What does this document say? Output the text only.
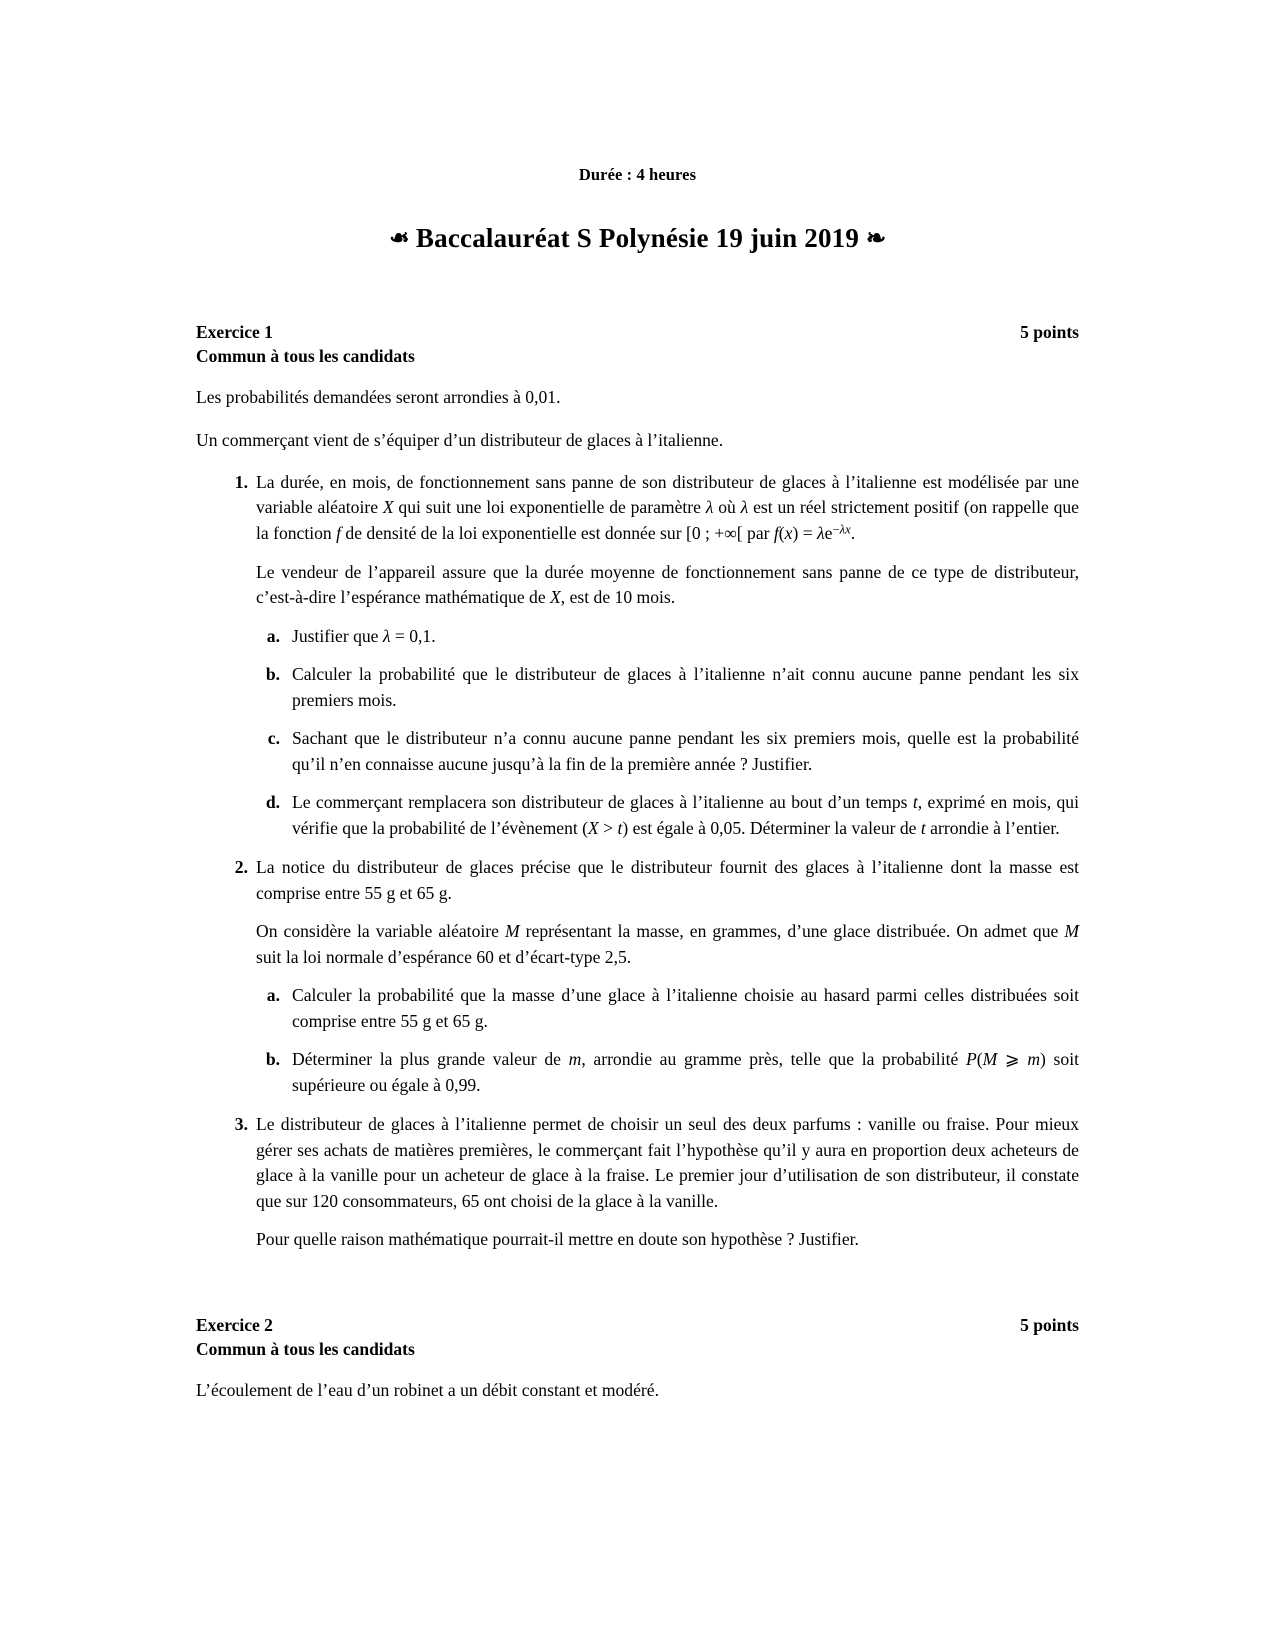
Durée : 4 heures
❧ Baccalauréat S Polynésie 19 juin 2019 ❧
Exercice 1	5 points
Commun à tous les candidats

Les probabilités demandées seront arrondies à 0,01.

Un commerçant vient de s’équiper d’un distributeur de glaces à l’italienne.

1. La durée, en mois, de fonctionnement sans panne de son distributeur de glaces à l’italienne est modélisée par une variable aléatoire X qui suit une loi exponentielle de paramètre λ où λ est un réel strictement positif (on rappelle que la fonction f de densité de la loi exponentielle est donnée sur [0 ; +∞[ par $f(x) = \lambda e^{-\lambda x}$.
Le vendeur de l’appareil assure que la durée moyenne de fonctionnement sans panne de ce type de distributeur, c’est-à-dire l’espérance mathématique de X, est de 10 mois.
a. Justifier que λ = 0,1.
b. Calculer la probabilité que le distributeur de glaces à l’italienne n’ait connu aucune panne pendant les six premiers mois.
c. Sachant que le distributeur n’a connu aucune panne pendant les six premiers mois, quelle est la probabilité qu’il n’en connaisse aucune jusqu’à la fin de la première année ? Justifier.
d. Le commerçant remplacera son distributeur de glaces à l’italienne au bout d’un temps t, exprimé en mois, qui vérifie que la probabilité de l’évènement (X > t) est égale à 0,05. Déterminer la valeur de t arrondie à l’entier.
2. La notice du distributeur de glaces précise que le distributeur fournit des glaces à l’italienne dont la masse est comprise entre 55 g et 65 g.
On considère la variable aléatoire M représentant la masse, en grammes, d’une glace distribuée. On admet que M suit la loi normale d’espérance 60 et d’écart-type 2,5.
a. Calculer la probabilité que la masse d’une glace à l’italienne choisie au hasard parmi celles distribuées soit comprise entre 55 g et 65 g.
b. Déterminer la plus grande valeur de m, arrondie au gramme près, telle que la probabilité P(M ⩾ m) soit supérieure ou égale à 0,99.
3. Le distributeur de glaces à l’italienne permet de choisir un seul des deux parfums : vanille ou fraise. Pour mieux gérer ses achats de matières premières, le commerçant fait l’hypothèse qu’il y aura en proportion deux acheteurs de glace à la vanille pour un acheteur de glace à la fraise. Le premier jour d’utilisation de son distributeur, il constate que sur 120 consommateurs, 65 ont choisi de la glace à la vanille.
Pour quelle raison mathématique pourrait-il mettre en doute son hypothèse ? Justifier.
Exercice 2	5 points
Commun à tous les candidats

L’écoulement de l’eau d’un robinet a un débit constant et modéré.
